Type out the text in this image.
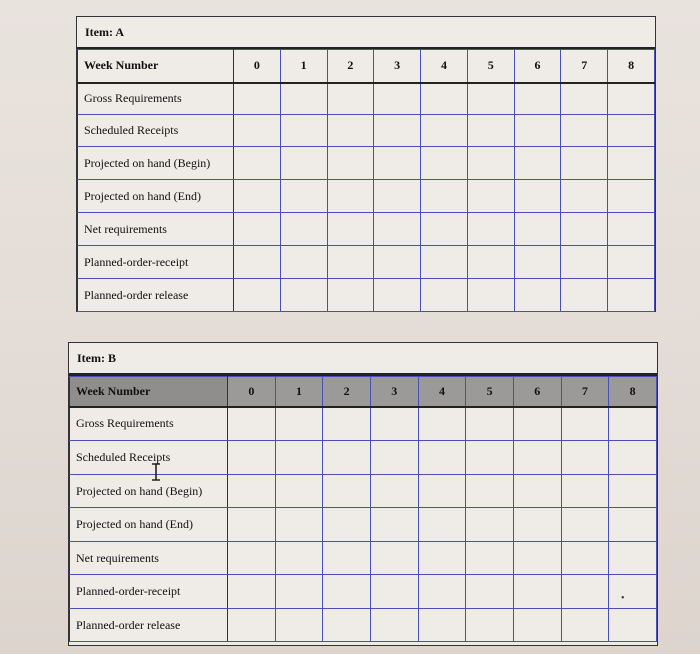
Item: A
Week Number	0	1	2	3	4	5	6	7	8
Gross Requirements									
Scheduled Receipts									
Projected on hand (Begin)									
Projected on hand (End)									
Net requirements									
Planned-order-receipt									
Planned-order release									
Item: B
Week Number	0	1	2	3	4	5	6	7	8
Gross Requirements									
Scheduled Receipts									
Projected on hand (Begin)									
Projected on hand (End)									
Net requirements									
Planned-order-receipt									
Planned-order release									
•
